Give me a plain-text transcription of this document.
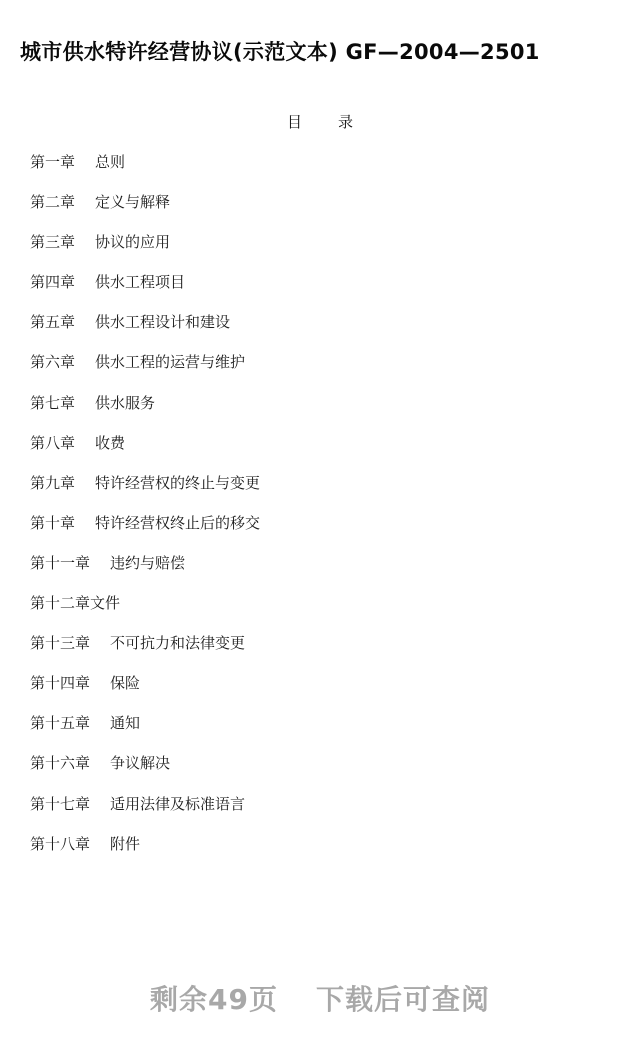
城市供水特许经营协议(示范文本) GF—2004—2501
目 录
第一章 总则
第二章 定义与解释
第三章 协议的应用
第四章 供水工程项目
第五章 供水工程设计和建设
第六章 供水工程的运营与维护
第七章 供水服务
第八章 收费
第九章 特许经营权的终止与变更
第十章 特许经营权终止后的移交
第十一章 违约与赔偿
第十二章文件
第十三章 不可抗力和法律变更
第十四章 保险
第十五章 通知
第十六章 争议解决
第十七章 适用法律及标准语言
第十八章 附件
剩余49页 下载后可查阅
